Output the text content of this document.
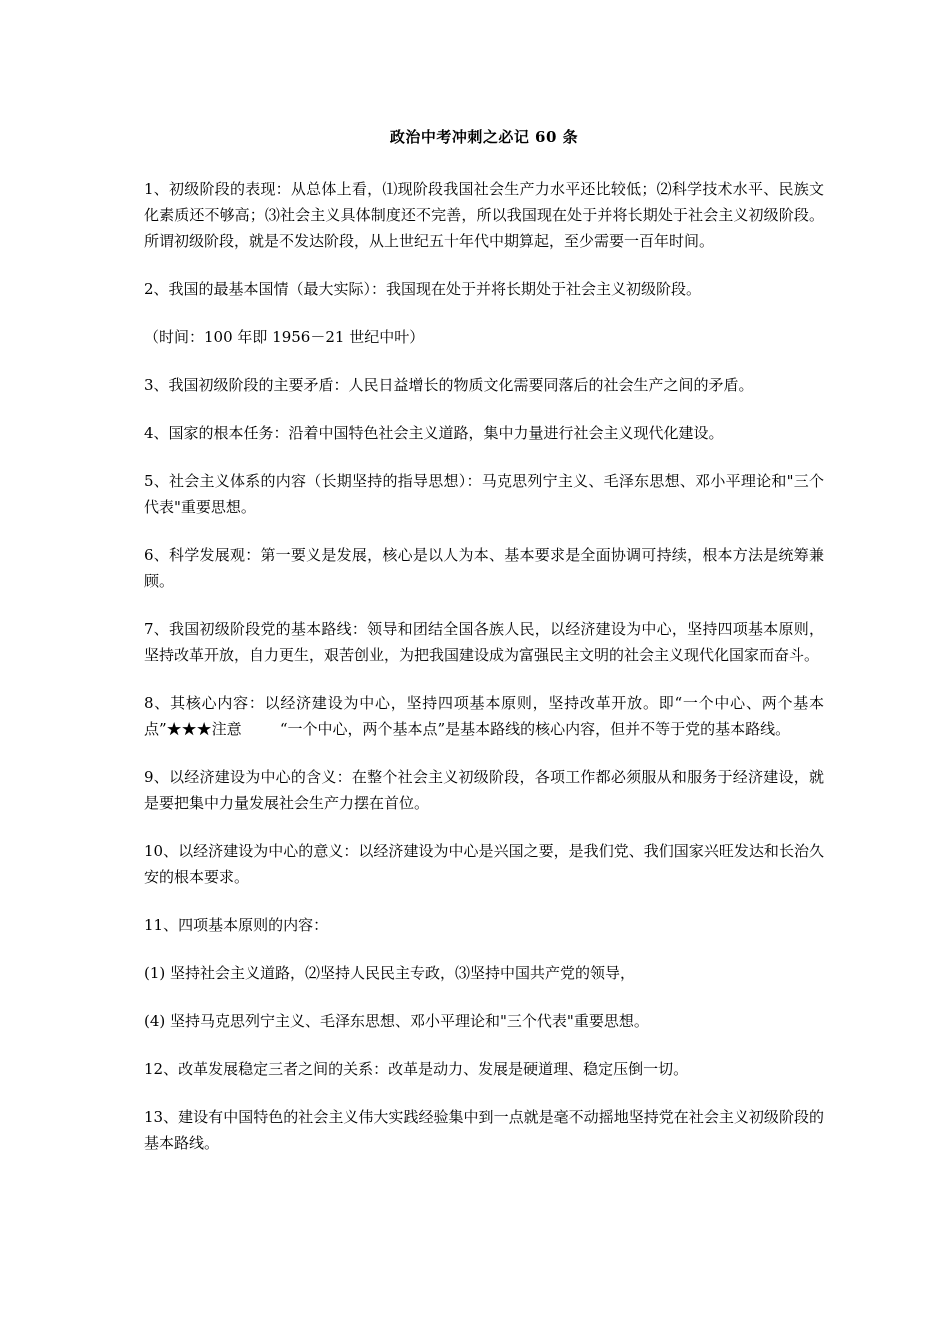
政治中考冲刺之必记 60 条

1、初级阶段的表现：从总体上看，⑴现阶段我国社会生产力水平还比较低；⑵科学技术水平、民族文化素质还不够高；⑶社会主义具体制度还不完善，所以我国现在处于并将长期处于社会主义初级阶段。所谓初级阶段，就是不发达阶段，从上世纪五十年代中期算起，至少需要一百年时间。

2、我国的最基本国情（最大实际）：我国现在处于并将长期处于社会主义初级阶段。

（时间：100 年即 1956－21 世纪中叶）

3、我国初级阶段的主要矛盾：人民日益增长的物质文化需要同落后的社会生产之间的矛盾。

4、国家的根本任务：沿着中国特色社会主义道路，集中力量进行社会主义现代化建设。

5、社会主义体系的内容（长期坚持的指导思想）：马克思列宁主义、毛泽东思想、邓小平理论和"三个代表"重要思想。

6、科学发展观：第一要义是发展，核心是以人为本、基本要求是全面协调可持续，根本方法是统筹兼顾。

7、我国初级阶段党的基本路线：领导和团结全国各族人民，以经济建设为中心，坚持四项基本原则，坚持改革开放，自力更生，艰苦创业，为把我国建设成为富强民主文明的社会主义现代化国家而奋斗。

8、其核心内容：以经济建设为中心，坚持四项基本原则，坚持改革开放。即“一个中心、两个基本点”★★★注意        “一个中心，两个基本点”是基本路线的核心内容，但并不等于党的基本路线。

9、以经济建设为中心的含义：在整个社会主义初级阶段，各项工作都必须服从和服务于经济建设，就是要把集中力量发展社会生产力摆在首位。

10、以经济建设为中心的意义：以经济建设为中心是兴国之要，是我们党、我们国家兴旺发达和长治久安的根本要求。

11、四项基本原则的内容：

(1) 坚持社会主义道路，⑵坚持人民民主专政，⑶坚持中国共产党的领导，

(4) 坚持马克思列宁主义、毛泽东思想、邓小平理论和"三个代表"重要思想。

12、改革发展稳定三者之间的关系：改革是动力、发展是硬道理、稳定压倒一切。

13、建设有中国特色的社会主义伟大实践经验集中到一点就是毫不动摇地坚持党在社会主义初级阶段的基本路线。
